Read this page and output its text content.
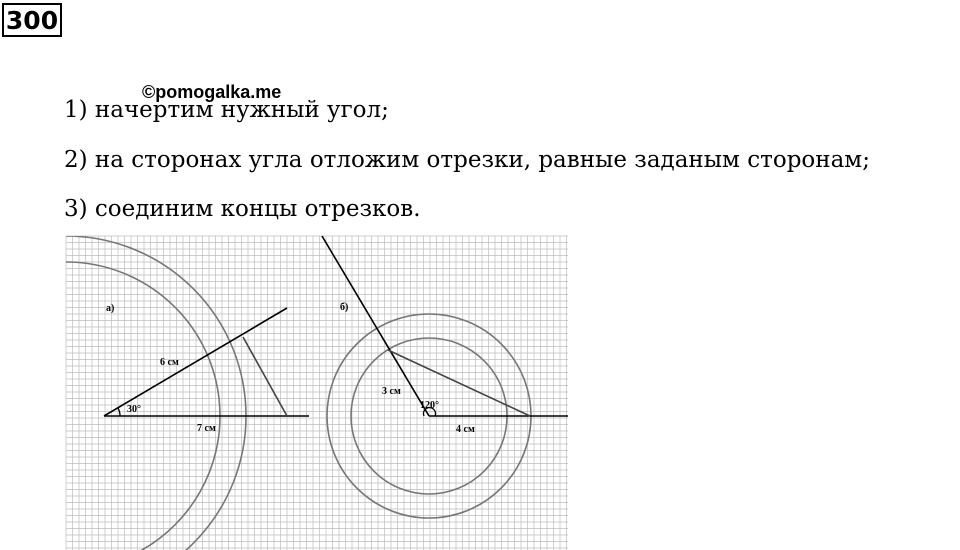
300
©pomogalka.me
1) начертим нужный угол;
2) на сторонах угла отложим отрезки, равные заданым сторонам;
3) соединим концы отрезков.
а)
30°
6 см
7 см
б)
120°
3 см
4 см
